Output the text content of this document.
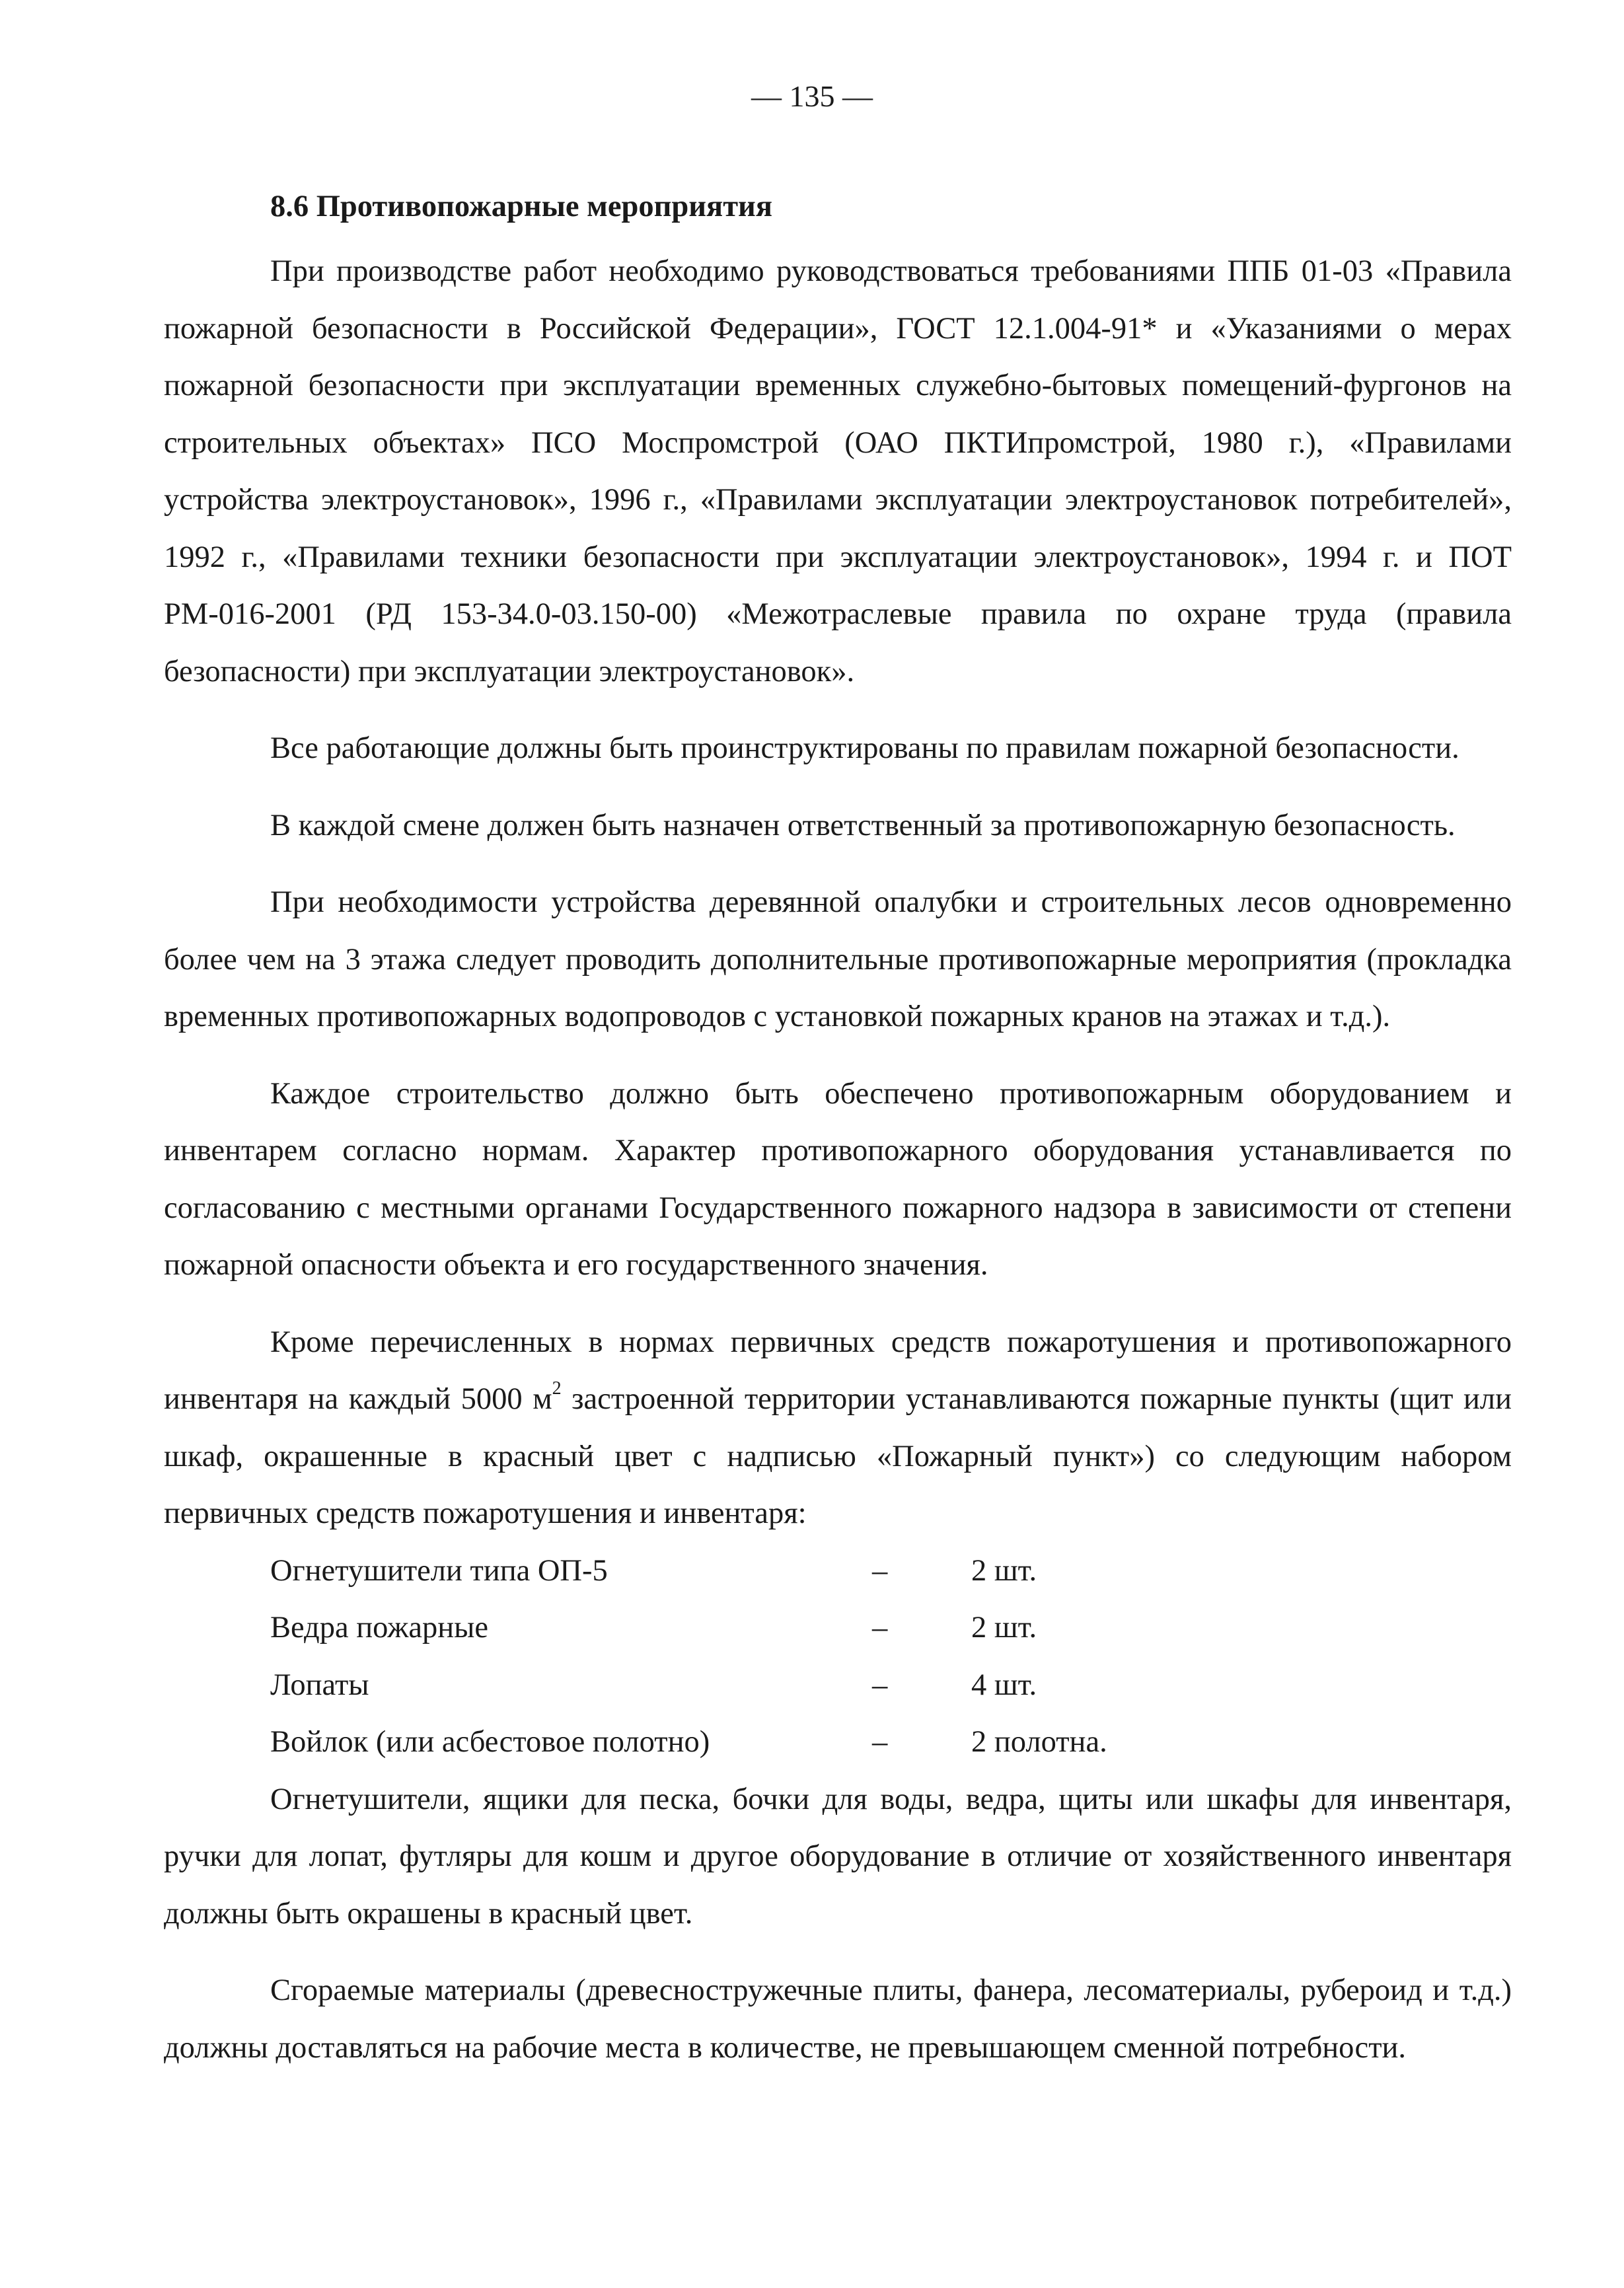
— 135 —
8.6 Противопожарные мероприятия

При производстве работ необходимо руководствоваться требованиями ППБ 01-03 «Правила пожарной безопасности в Российской Федерации», ГОСТ 12.1.004-91* и «Указаниями о мерах пожарной безопасности при эксплуатации временных служебно-бытовых помещений-фургонов на строительных объектах» ПСО Моспромстрой (ОАО ПКТИпромстрой, 1980 г.), «Правилами устройства электроустановок», 1996 г., «Правилами эксплуатации электроустановок потребителей», 1992 г., «Правилами техники безопасности при эксплуатации электроустановок», 1994 г. и ПОТ РМ-016-2001 (РД 153-34.0-03.150-00) «Межотраслевые правила по охране труда (правила безопасности) при эксплуатации электроустановок».

Все работающие должны быть проинструктированы по правилам пожарной безопасности.

В каждой смене должен быть назначен ответственный за противопожарную безопасность.

При необходимости устройства деревянной опалубки и строительных лесов одновременно более чем на 3 этажа следует проводить дополнительные противопожарные мероприятия (прокладка временных противопожарных водопроводов с установкой пожарных кранов на этажах и т.д.).

Каждое строительство должно быть обеспечено противопожарным оборудованием и инвентарем согласно нормам. Характер противопожарного оборудования устанавливается по согласованию с местными органами Государственного пожарного надзора в зависимости от степени пожарной опасности объекта и его государственного значения.

Кроме перечисленных в нормах первичных средств пожаротушения и противопожарного инвентаря на каждый 5000 $м^2$ застроенной территории устанавливаются пожарные пункты (щит или шкаф, окрашенные в красный цвет с надписью «Пожарный пункт») со следующим набором первичных средств пожаротушения и инвентаря:

Огнетушители типа ОП-5	–	2 шт.
Ведра пожарные	–	2 шт.
Лопаты	–	4 шт.
Войлок (или асбестовое полотно)	–	2 полотна.

Огнетушители, ящики для песка, бочки для воды, ведра, щиты или шкафы для инвентаря, ручки для лопат, футляры для кошм и другое оборудование в отличие от хозяйственного инвентаря должны быть окрашены в красный цвет.

Сгораемые материалы (древесностружечные плиты, фанера, лесоматериалы, рубероид и т.д.) должны доставляться на рабочие места в количестве, не превышающем сменной потребности.
